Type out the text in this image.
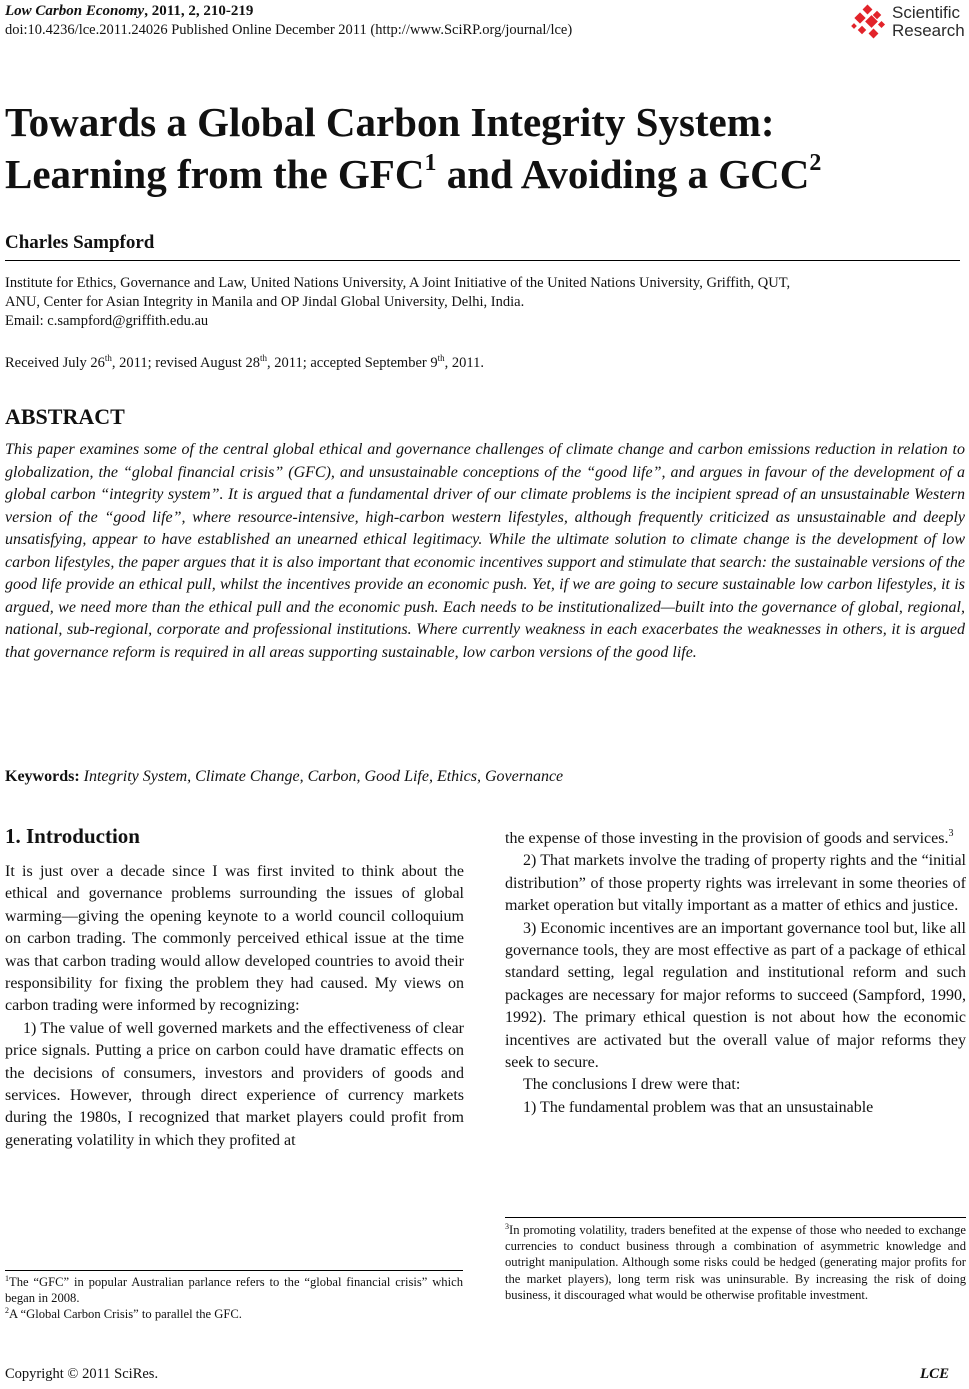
Low Carbon Economy, 2011, 2, 210-219
doi:10.4236/lce.2011.24026 Published Online December 2011 (http://www.SciRP.org/journal/lce)
Scientific
Research
Towards a Global Carbon Integrity System:
Learning from the GFC$^1$ and Avoiding a GCC$^2$
Charles Sampford
Institute for Ethics, Governance and Law, United Nations University, A Joint Initiative of the United Nations University, Griffith, QUT,
ANU, Center for Asian Integrity in Manila and OP Jindal Global University, Delhi, India.
Email: c.sampford@griffith.edu.au
Received July 26th, 2011; revised August 28th, 2011; accepted September 9th, 2011.
ABSTRACT
This paper examines some of the central global ethical and governance challenges of climate change and carbon emissions reduction in relation to globalization, the “global financial crisis” (GFC), and unsustainable conceptions of the “good life”, and argues in favour of the development of a global carbon “integrity system”. It is argued that a fundamental driver of our climate problems is the incipient spread of an unsustainable Western version of the “good life”, where resource-intensive, high-carbon western lifestyles, although frequently criticized as unsustainable and deeply unsatisfying, appear to have established an unearned ethical legitimacy. While the ultimate solution to climate change is the development of low carbon lifestyles, the paper argues that it is also important that economic incentives support and stimulate that search: the sustainable versions of the good life provide an ethical pull, whilst the incentives provide an economic push. Yet, if we are going to secure sustainable low carbon lifestyles, it is argued, we need more than the ethical pull and the economic push. Each needs to be institutionalized—built into the governance of global, regional, national, sub-regional, corporate and professional institutions. Where currently weakness in each exacerbates the weaknesses in others, it is argued that governance reform is required in all areas supporting sustainable, low carbon versions of the good life.
Keywords: Integrity System, Climate Change, Carbon, Good Life, Ethics, Governance
1. Introduction

It is just over a decade since I was first invited to think about the ethical and governance problems surrounding the issues of global warming—giving the opening keynote to a world council colloquium on carbon trading. The commonly perceived ethical issue at the time was that carbon trading would allow developed countries to avoid their responsibility for fixing the problem they had caused. My views on carbon trading were informed by recognizing:

1) The value of well governed markets and the effectiveness of clear price signals. Putting a price on carbon could have dramatic effects on the decisions of consumers, investors and providers of goods and services. However, through direct experience of currency markets during the 1980s, I recognized that market players could profit from generating volatility in which they profited at

the expense of those investing in the provision of goods and services.$^3$

2) That markets involve the trading of property rights and the “initial distribution” of those property rights was irrelevant in some theories of market operation but vitally important as a matter of ethics and justice.

3) Economic incentives are an important governance tool but, like all governance tools, they are most effective as part of a package of ethical standard setting, legal regulation and institutional reform and such packages are necessary for major reforms to succeed (Sampford, 1990, 1992). The primary ethical question is not about how the economic incentives are activated but the overall value of major reforms they seek to secure.

The conclusions I drew were that:

1) The fundamental problem was that an unsustainable

$^1$The “GFC” in popular Australian parlance refers to the “global financial crisis” which began in 2008.

$^2$A “Global Carbon Crisis” to parallel the GFC.

$^3$In promoting volatility, traders benefited at the expense of those who needed to exchange currencies to conduct business through a combination of asymmetric knowledge and outright manipulation. Although some risks could be hedged (generating major profits for the market players), long term risk was uninsurable. By increasing the risk of doing business, it discouraged what would be otherwise profitable investment.

Copyright © 2011 SciRes.	LCE
